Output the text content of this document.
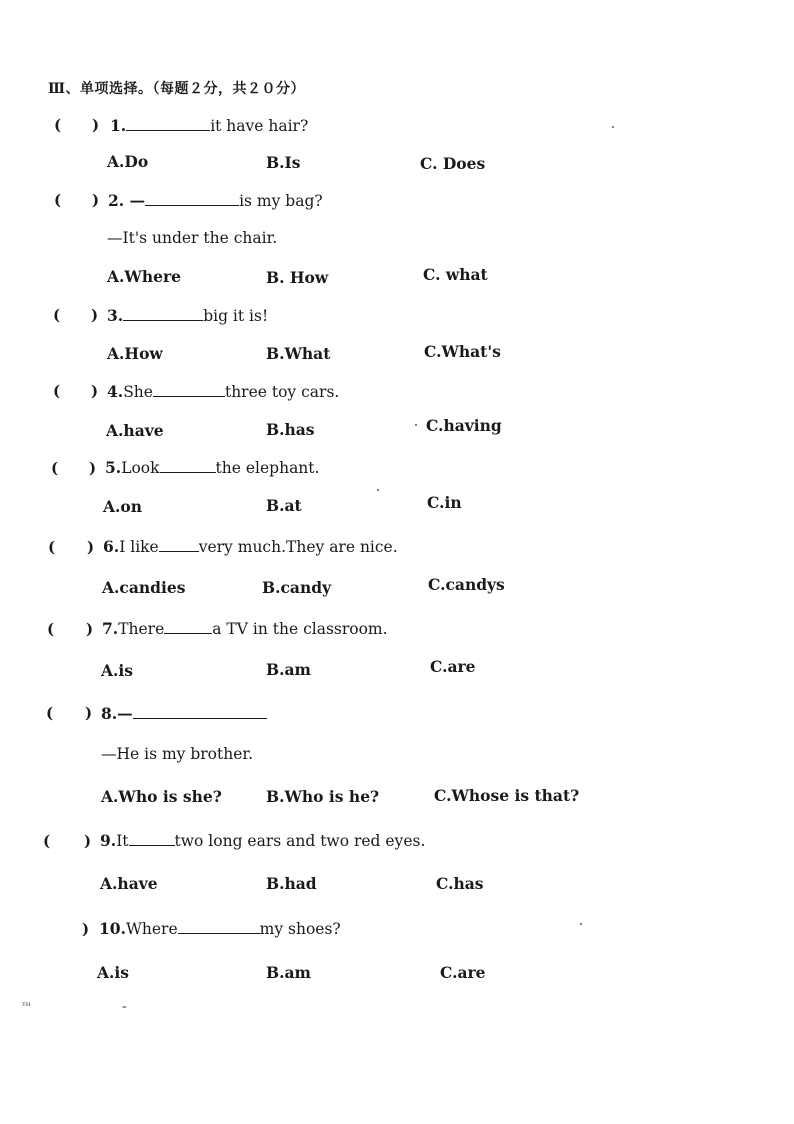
Ⅲ、单项选择。（每题２分，共２０分）
( ) 1.	it have hair?
A.Do	B.Is	C. Does
( ) 2. —	is my bag?
—It's under the chair.
A.Where	B. How	C. what
( ) 3.	big it is!
A.How	B.What	C.What's
( ) 4.She	three toy cars.
A.have	B.has	C.having
( ) 5.Look	the elephant.
A.on	B.at	C.in
( ) 6.I like	very much.They are nice.
A.candies	B.candy	C.candys
( ) 7.There	a TV in the classroom.
A.is	B.am	C.are
( ) 8.—
—He is my brother.
A.Who is she?	B.Who is he?	C.Whose is that?
( ) 9.It	two long ears and two red eyes.
A.have	B.had	C.has
) 10.Where	my shoes?
A.is	B.am	C.are
ᵀᴴ	⁼
